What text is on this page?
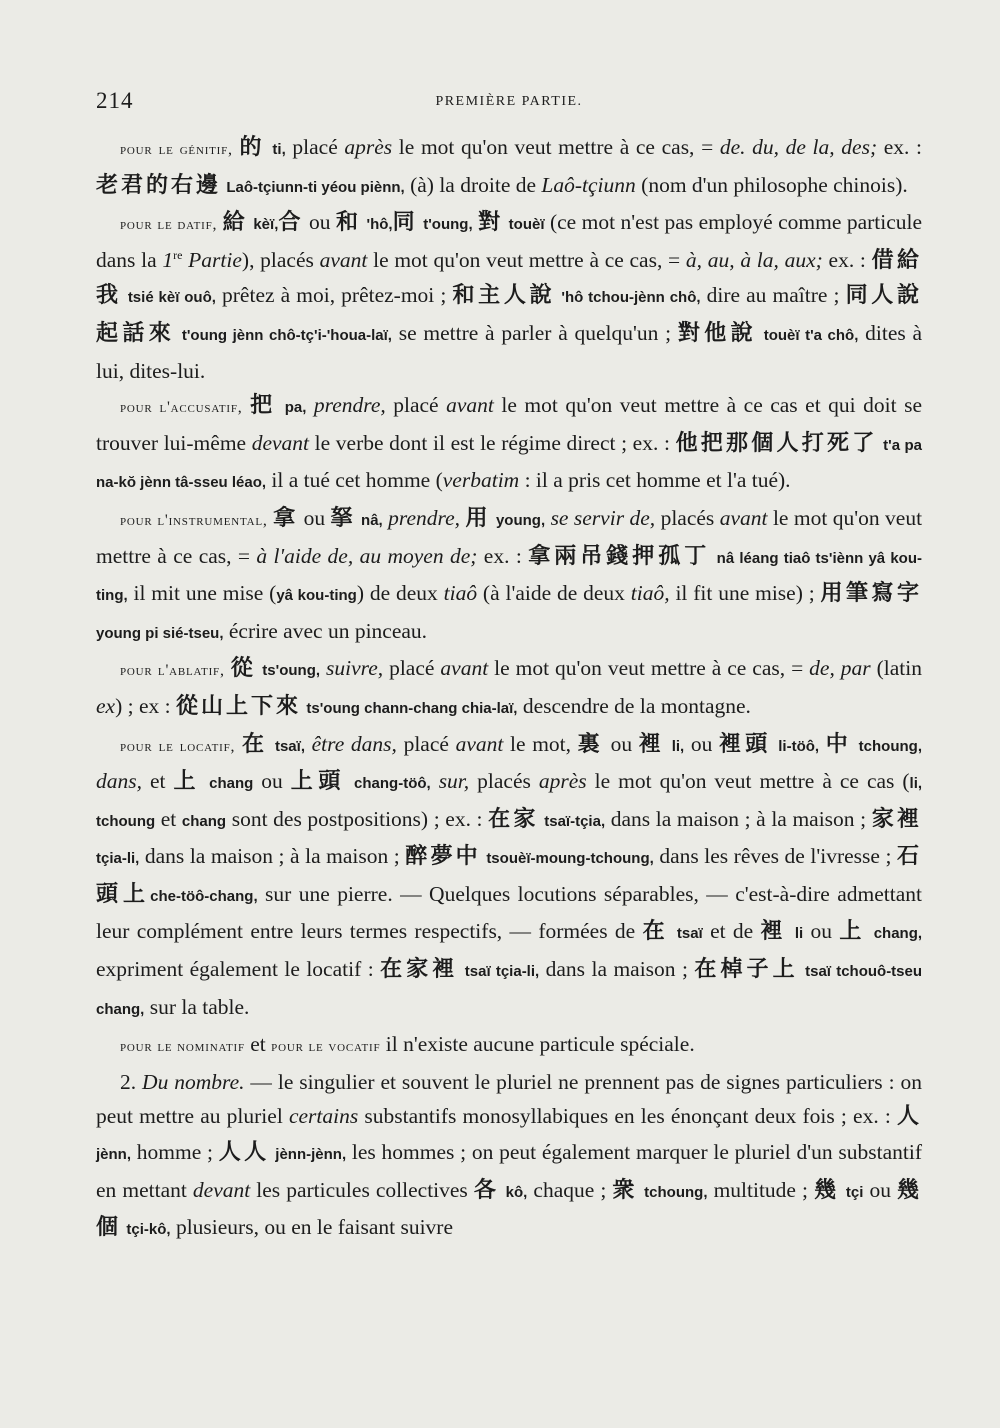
214	PREMIÈRE PARTIE.

pour le génitif, 的 ti, placé après le mot qu'on veut mettre à ce cas, = de. du, de la, des; ex. : 老君的右邊 Laô-tçiunn-ti yéou piènn, (à) la droite de Laô-tçiunn (nom d'un philosophe chinois).

pour le datif, 給 kèï,合 ou 和 'hô,同 t'oung, 對 touèï (ce mot n'est pas employé comme particule dans la 1re Partie), placés avant le mot qu'on veut mettre à ce cas, = à, au, à la, aux; ex. : 借給我 tsié kèï ouô, prêtez à moi, prêtez-moi ; 和主人說 'hô tchou-jènn chô, dire au maître ; 同人說起話來 t'oung jènn chô-tç'i-'houa-laï, se mettre à parler à quelqu'un ; 對他說 touèï t'a chô, dites à lui, dites-lui.

pour l'accusatif, 把 pa, prendre, placé avant le mot qu'on veut mettre à ce cas et qui doit se trouver lui-même devant le verbe dont il est le régime direct ; ex. : 他把那個人打死了 t'a pa na-kŏ jènn tâ-sseu léao, il a tué cet homme (verbatim : il a pris cet homme et l'a tué).

pour l'instrumental, 拿 ou 拏 nâ, prendre, 用 young, se servir de, placés avant le mot qu'on veut mettre à ce cas, = à l'aide de, au moyen de; ex. : 拿兩吊錢押孤丁 nâ léang tiaô ts'iènn yâ kou-ting, il mit une mise (yâ kou-ting) de deux tiaô (à l'aide de deux tiaô, il fit une mise) ; 用筆寫字 young pi sié-tseu, écrire avec un pinceau.

pour l'ablatif, 從 ts'oung, suivre, placé avant le mot qu'on veut mettre à ce cas, = de, par (latin ex) ; ex : 從山上下來 ts'oung chann-chang chia-laï, descendre de la montagne.

pour le locatif, 在 tsaï, être dans, placé avant le mot, 裏 ou 裡 li, ou 裡頭 li-töô, 中 tchoung, dans, et 上 chang ou 上頭 chang-töô, sur, placés après le mot qu'on veut mettre à ce cas (li, tchoung et chang sont des postpositions) ; ex. : 在家 tsaï-tçia, dans la maison ; à la maison ; 家裡 tçia-li, dans la maison ; à la maison ; 醉夢中 tsouèï-moung-tchoung, dans les rêves de l'ivresse ; 石頭上che-töô-chang, sur une pierre. — Quelques locutions séparables, — c'est-à-dire admettant leur complément entre leurs termes respectifs, — formées de 在 tsaï et de 裡 li ou 上 chang, expriment également le locatif : 在家裡 tsaï tçia-li, dans la maison ; 在棹子上 tsaï tchouô-tseu chang, sur la table.

pour le nominatif et pour le vocatif il n'existe aucune particule spéciale.

2. Du nombre. — le singulier et souvent le pluriel ne prennent pas de signes particuliers : on peut mettre au pluriel certains substantifs monosyllabiques en les énonçant deux fois ; ex. : 人 jènn, homme ; 人人 jènn-jènn, les hommes ; on peut également marquer le pluriel d'un substantif en mettant devant les particules collectives 各 kô, chaque ; 衆 tchoung, multitude ; 幾 tçi ou 幾個 tçi-kô, plusieurs, ou en le faisant suivre
